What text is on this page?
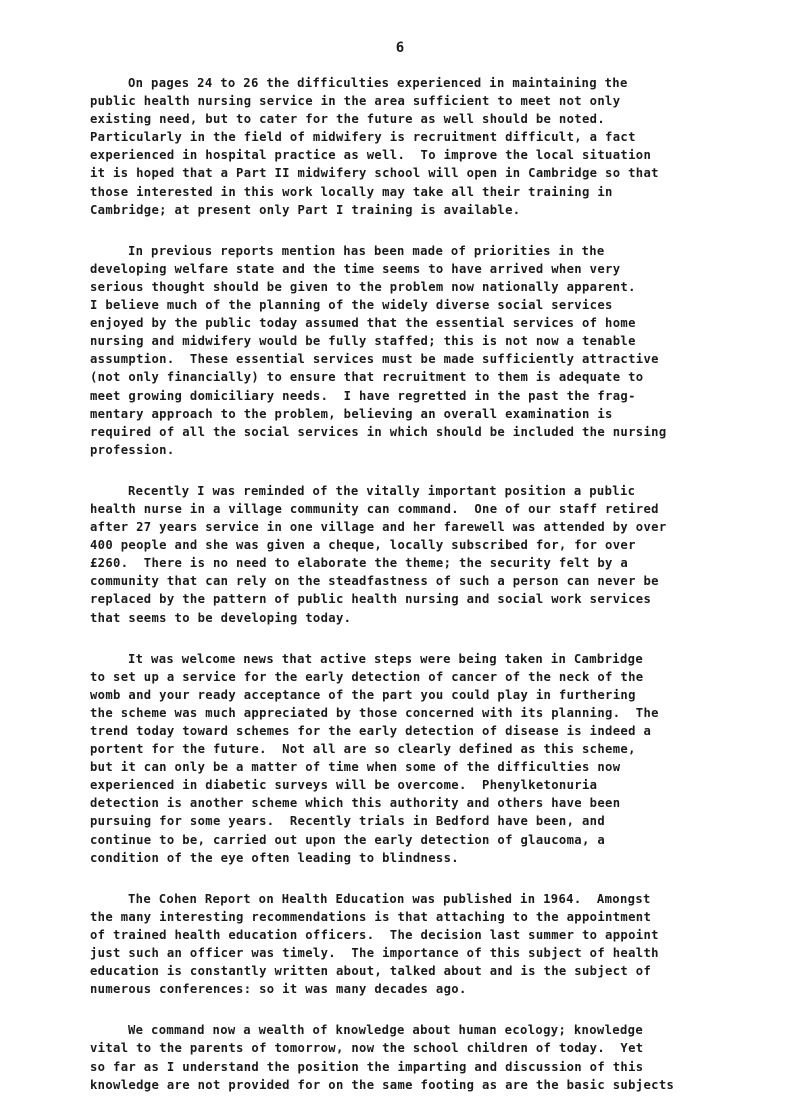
6
On pages 24 to 26 the difficulties experienced in maintaining the
public health nursing service in the area sufficient to meet not only
existing need, but to cater for the future as well should be noted.
Particularly in the field of midwifery is recruitment difficult, a fact
experienced in hospital practice as well.  To improve the local situation
it is hoped that a Part II midwifery school will open in Cambridge so that
those interested in this work locally may take all their training in
Cambridge; at present only Part I training is available.
In previous reports mention has been made of priorities in the
developing welfare state and the time seems to have arrived when very
serious thought should be given to the problem now nationally apparent.
I believe much of the planning of the widely diverse social services
enjoyed by the public today assumed that the essential services of home
nursing and midwifery would be fully staffed; this is not now a tenable
assumption.  These essential services must be made sufficiently attractive
(not only financially) to ensure that recruitment to them is adequate to
meet growing domiciliary needs.  I have regretted in the past the frag-
mentary approach to the problem, believing an overall examination is
required of all the social services in which should be included the nursing
profession.
Recently I was reminded of the vitally important position a public
health nurse in a village community can command.  One of our staff retired
after 27 years service in one village and her farewell was attended by over
400 people and she was given a cheque, locally subscribed for, for over
£260.  There is no need to elaborate the theme; the security felt by a
community that can rely on the steadfastness of such a person can never be
replaced by the pattern of public health nursing and social work services
that seems to be developing today.
It was welcome news that active steps were being taken in Cambridge
to set up a service for the early detection of cancer of the neck of the
womb and your ready acceptance of the part you could play in furthering
the scheme was much appreciated by those concerned with its planning.  The
trend today toward schemes for the early detection of disease is indeed a
portent for the future.  Not all are so clearly defined as this scheme,
but it can only be a matter of time when some of the difficulties now
experienced in diabetic surveys will be overcome.  Phenylketonuria
detection is another scheme which this authority and others have been
pursuing for some years.  Recently trials in Bedford have been, and
continue to be, carried out upon the early detection of glaucoma, a
condition of the eye often leading to blindness.
The Cohen Report on Health Education was published in 1964.  Amongst
the many interesting recommendations is that attaching to the appointment
of trained health education officers.  The decision last summer to appoint
just such an officer was timely.  The importance of this subject of health
education is constantly written about, talked about and is the subject of
numerous conferences: so it was many decades ago.
We command now a wealth of knowledge about human ecology; knowledge
vital to the parents of tomorrow, now the school children of today.  Yet
so far as I understand the position the imparting and discussion of this
knowledge are not provided for on the same footing as are the basic subjects
